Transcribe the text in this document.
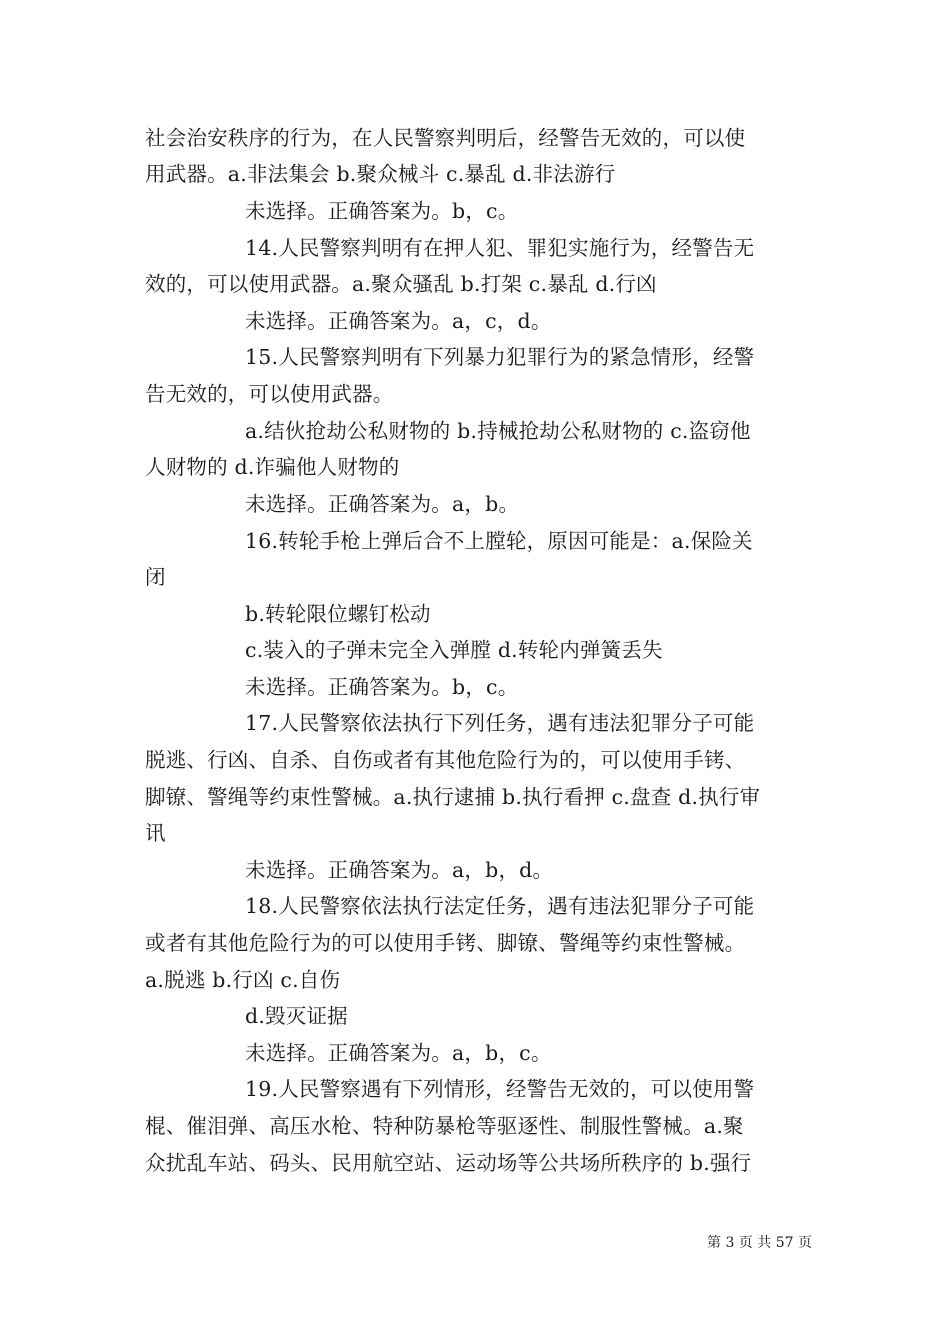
社会治安秩序的行为，在人民警察判明后，经警告无效的，可以使
用武器。a.非法集会 b.聚众械斗 c.暴乱 d.非法游行
未选择。正确答案为。b，c。
14.人民警察判明有在押人犯、罪犯实施行为，经警告无
效的，可以使用武器。a.聚众骚乱 b.打架 c.暴乱 d.行凶
未选择。正确答案为。a，c，d。
15.人民警察判明有下列暴力犯罪行为的紧急情形，经警
告无效的，可以使用武器。
a.结伙抢劫公私财物的 b.持械抢劫公私财物的 c.盗窃他
人财物的 d.诈骗他人财物的
未选择。正确答案为。a，b。
16.转轮手枪上弹后合不上膛轮，原因可能是：a.保险关
闭
b.转轮限位螺钉松动
c.装入的子弹未完全入弹膛 d.转轮内弹簧丢失
未选择。正确答案为。b，c。
17.人民警察依法执行下列任务，遇有违法犯罪分子可能
脱逃、行凶、自杀、自伤或者有其他危险行为的，可以使用手铐、
脚镣、警绳等约束性警械。a.执行逮捕 b.执行看押 c.盘查 d.执行审
讯
未选择。正确答案为。a，b，d。
18.人民警察依法执行法定任务，遇有违法犯罪分子可能
或者有其他危险行为的可以使用手铐、脚镣、警绳等约束性警械。
a.脱逃 b.行凶 c.自伤
d.毁灭证据
未选择。正确答案为。a，b，c。
19.人民警察遇有下列情形，经警告无效的，可以使用警
棍、催泪弹、高压水枪、特种防暴枪等驱逐性、制服性警械。a.聚
众扰乱车站、码头、民用航空站、运动场等公共场所秩序的 b.强行
第 3 页 共 57 页
